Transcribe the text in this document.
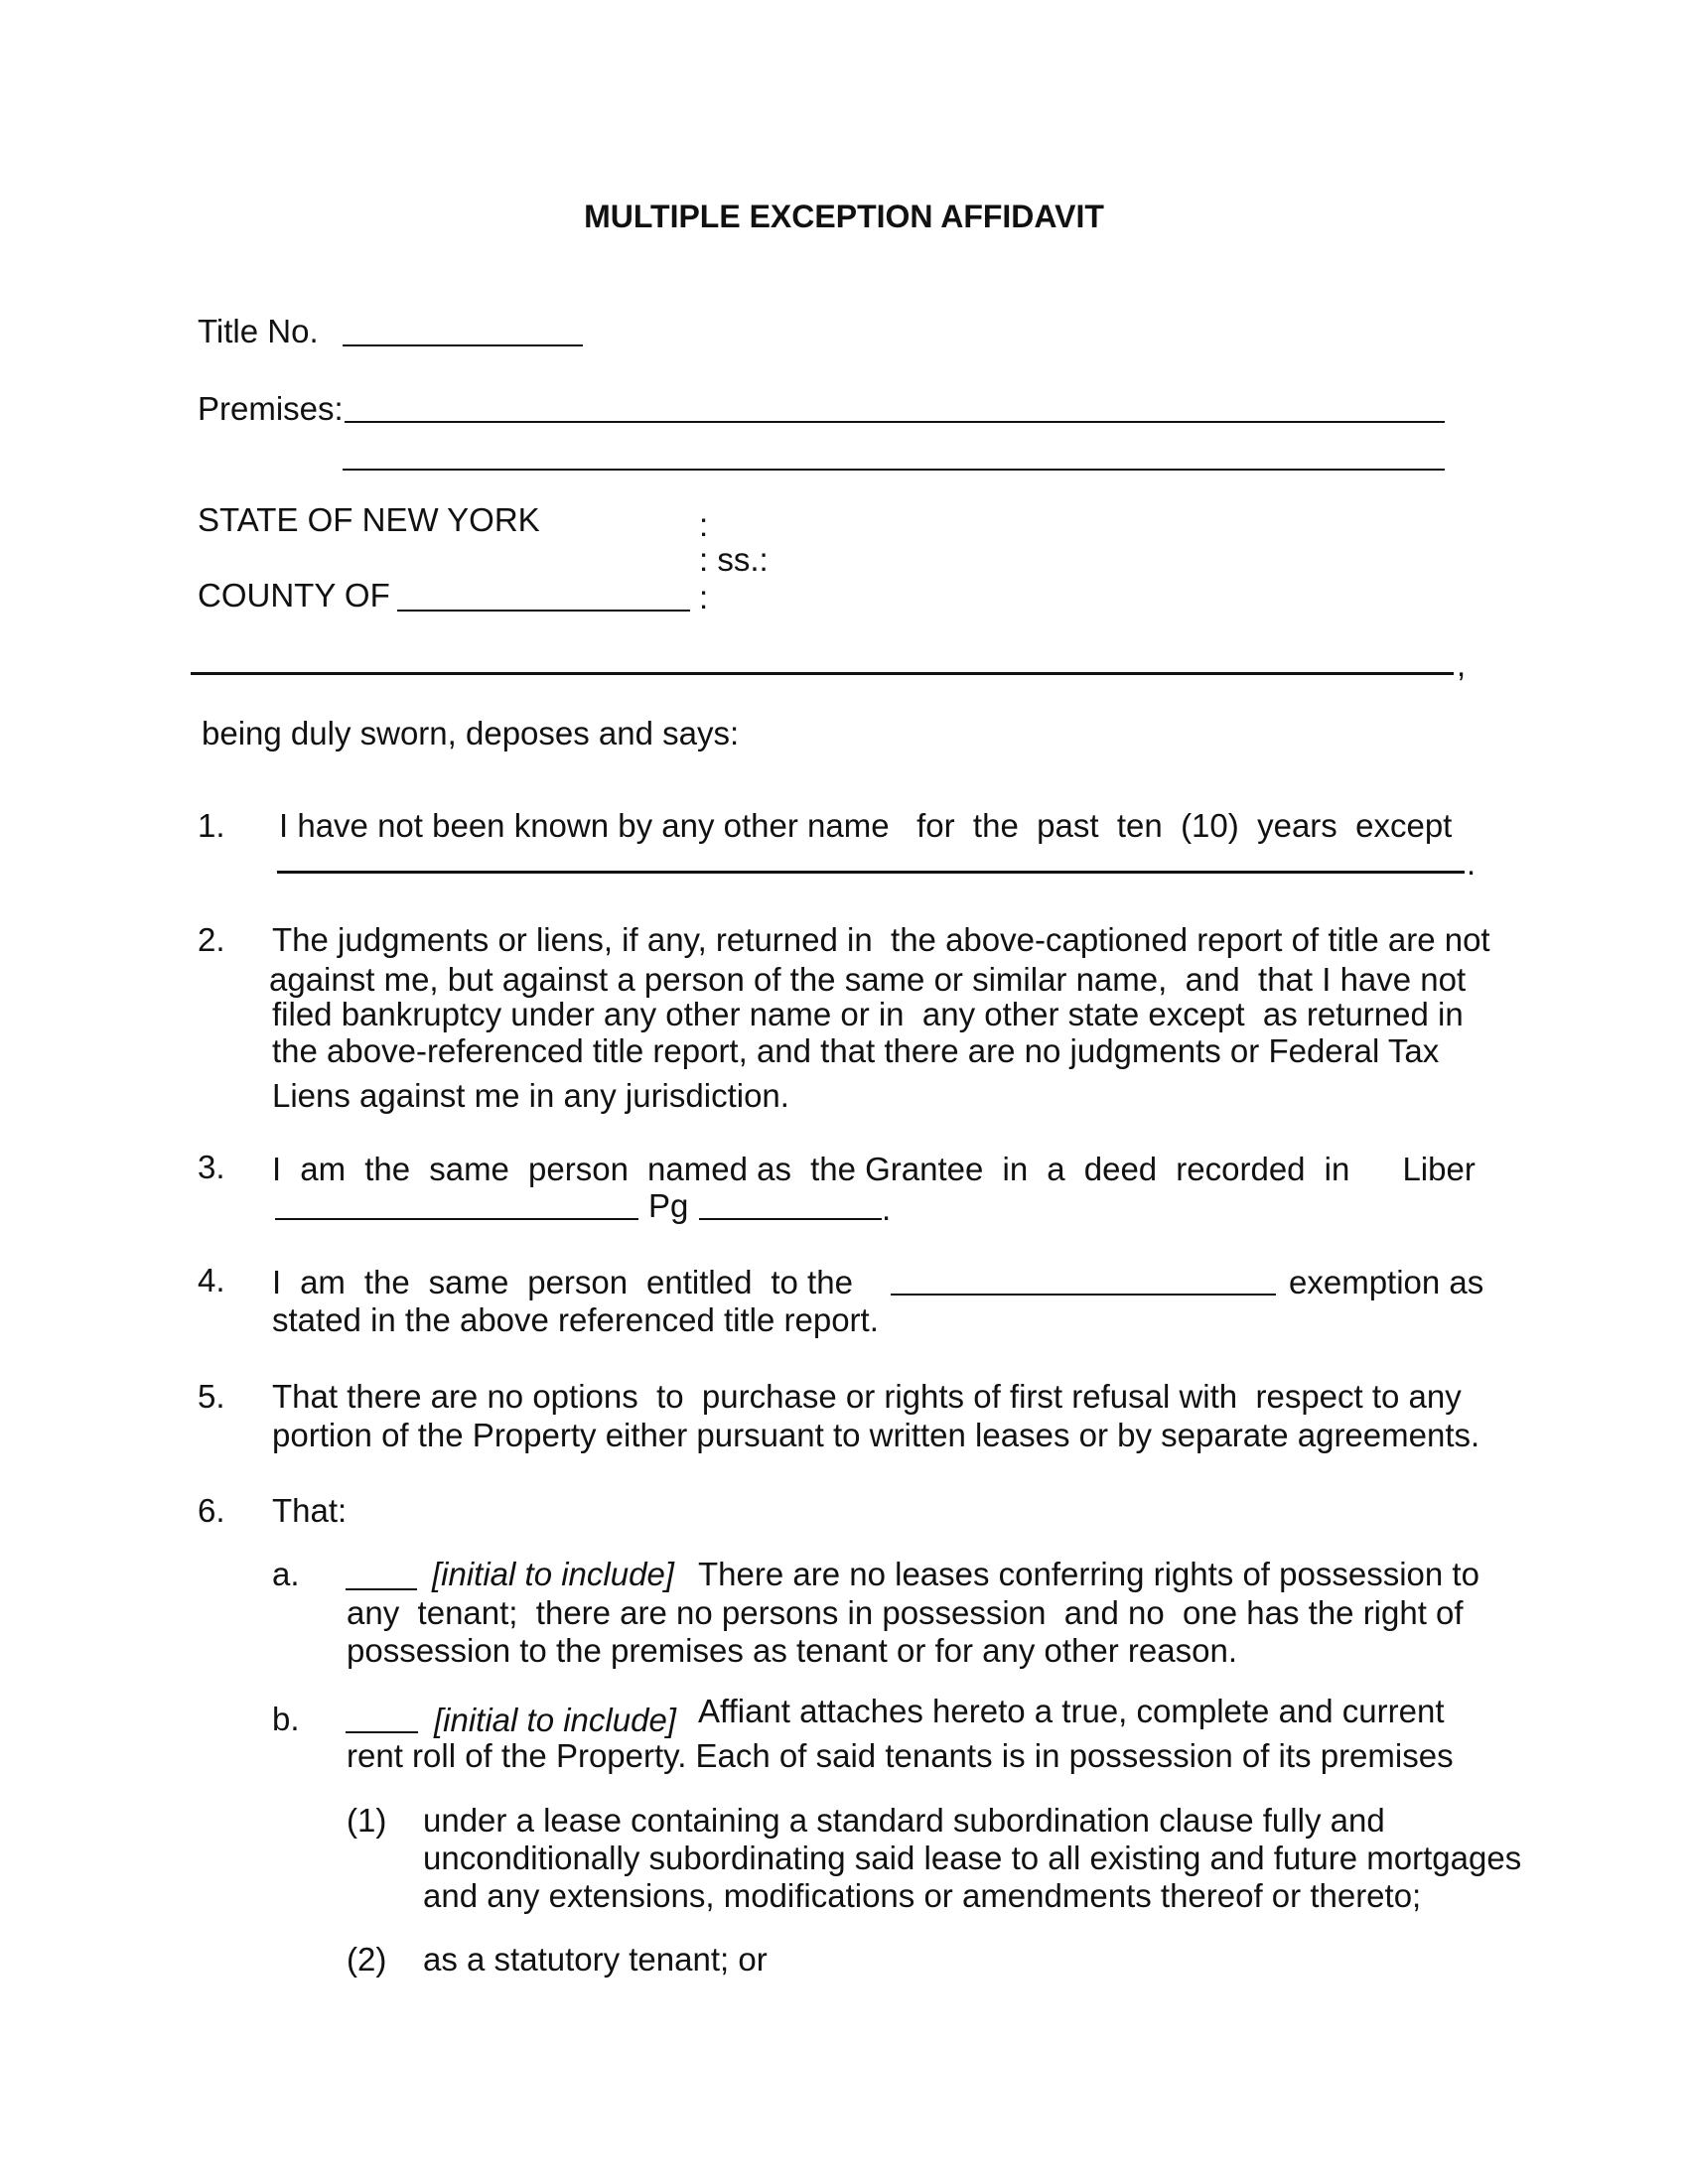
MULTIPLE EXCEPTION AFFIDAVIT
Title No.
Premises:
STATE OF NEW YORK	:
: ss.:
COUNTY OF	:
,
being duly sworn, deposes and says:
1. I have not been known by any other name   for  the  past  ten  (10)  years  except
.
2. The judgments or liens, if any, returned in  the above-captioned report of title are not
against me, but against a person of the same or similar name,  and  that I have not
filed bankruptcy under any other name or in  any other state except  as returned in
the above-referenced title report, and that there are no judgments or Federal Tax
Liens against me in any jurisdiction.
3. I am the same person named as the Grantee in a deed recorded in Liber
Pg	.
4. I am the same person entitled to the	exemption as
stated in the above referenced title report.
5. That there are no options  to  purchase or rights of first refusal with  respect to any
portion of the Property either pursuant to written leases or by separate agreements.
6. That:
a.	[initial to include] There are no leases conferring rights of possession to
any  tenant;  there are no persons in possession  and no  one has the right of
possession to the premises as tenant or for any other reason.
b.	[initial to include] Affiant attaches hereto a true, complete and current
rent roll of the Property. Each of said tenants is in possession of its premises
(1) under a lease containing a standard subordination clause fully and
unconditionally subordinating said lease to all existing and future mortgages
and any extensions, modifications or amendments thereof or thereto;
(2) as a statutory tenant; or
